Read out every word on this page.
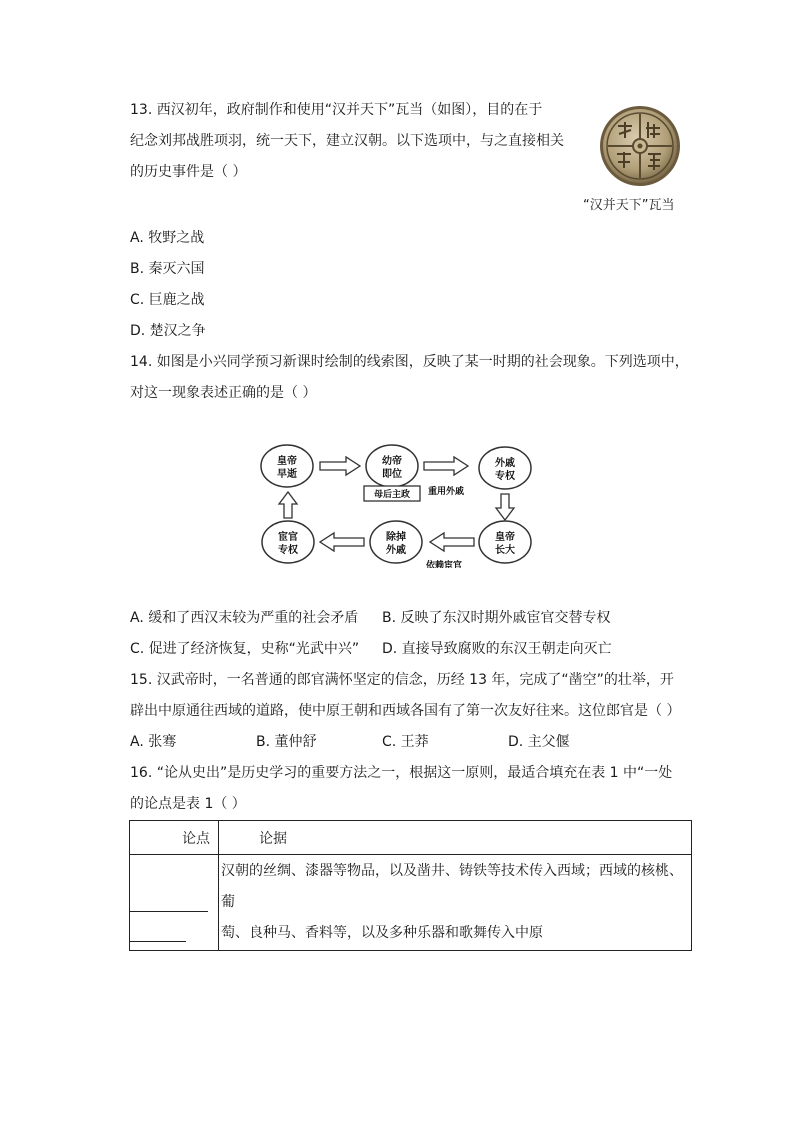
13. 西汉初年，政府制作和使用“汉并天下”瓦当（如图），目的在于
纪念刘邦战胜项羽，统一天下，建立汉朝。以下选项中，与之直接相关
的历史事件是（ ）
“汉并天下”瓦当
A. 牧野之战
B. 秦灭六国
C. 巨鹿之战
D. 楚汉之争
14. 如图是小兴同学预习新课时绘制的线索图，反映了某一时期的社会现象。下列选项中，
对这一现象表述正确的是（ ）
皇帝
早逝
幼帝
即位
母后主政
外戚
专权
皇帝
长大
除掉
外戚
宦官
专权
重用外戚
依赖宦官
A. 缓和了西汉末较为严重的社会矛盾 B. 反映了东汉时期外戚宦官交替专权
C. 促进了经济恢复，史称“光武中兴” D. 直接导致腐败的东汉王朝走向灭亡
15. 汉武帝时，一名普通的郎官满怀坚定的信念，历经 13 年，完成了“凿空”的壮举，开
辟出中原通往西域的道路，使中原王朝和西域各国有了第一次友好往来。这位郎官是（ ）
A. 张骞	B. 董仲舒	C. 王莽	D. 主父偃
16. “论从史出”是历史学习的重要方法之一，根据这一原则，最适合填充在表 1 中“一处
的论点是表 1（ ）
论点	论据

	汉朝的丝绸、漆器等物品，以及凿井、铸铁等技术传入西域；西域的核桃、葡
萄、良种马、香料等，以及多种乐器和歌舞传入中原
